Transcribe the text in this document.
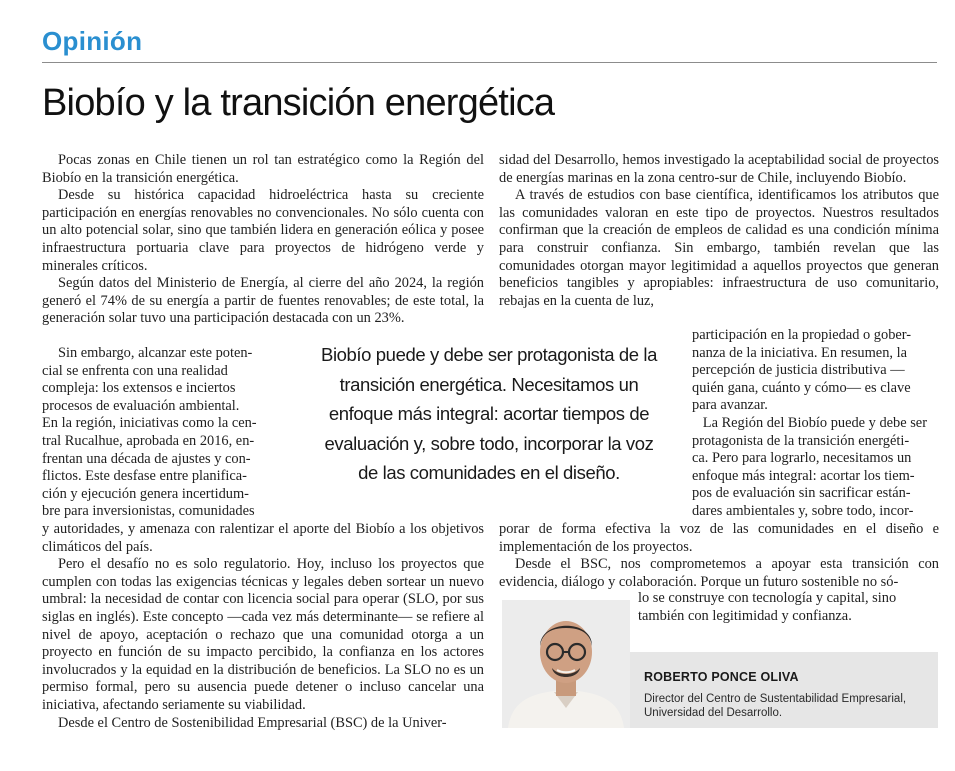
Opinión
Biobío y la transición energética

Pocas zonas en Chile tienen un rol tan estratégico como la Región del Biobío en la transición energética.

Desde su histórica capacidad hidroeléctrica hasta su creciente participación en energías renovables no convencionales. No sólo cuenta con un alto potencial solar, sino que también lidera en generación eólica y posee infraestructura portuaria clave para proyectos de hidrógeno verde y minerales críticos.

Según datos del Ministerio de Energía, al cierre del año 2024, la región generó el 74% de su energía a partir de fuentes renovables; de este total, la generación solar tuvo una participación destacada con un 23%.

Sin embargo, alcanzar este poten-
cial se enfrenta con una realidad
compleja: los extensos e inciertos
procesos de evaluación ambiental.
En la región, iniciativas como la cen-
tral Rucalhue, aprobada en 2016, en-
frentan una década de ajustes y con-
flictos. Este desfase entre planifica-
ción y ejecución genera incertidum-
bre para inversionistas, comunidades

y autoridades, y amenaza con ralentizar el aporte del Biobío a los objetivos climáticos del país.

Pero el desafío no es solo regulatorio. Hoy, incluso los proyectos que cumplen con todas las exigencias técnicas y legales deben sortear un nuevo umbral: la necesidad de contar con licencia social para operar (SLO, por sus siglas en inglés). Este concepto —cada vez más determinante— se refiere al nivel de apoyo, aceptación o rechazo que una comunidad otorga a un proyecto en función de su impacto percibido, la confianza en los actores involucrados y la equidad en la distribución de beneficios. La SLO no es un permiso formal, pero su ausencia puede detener o incluso cancelar una iniciativa, afectando seriamente su viabilidad.

Desde el Centro de Sostenibilidad Empresarial (BSC) de la Univer-

sidad del Desarrollo, hemos investigado la aceptabilidad social de proyectos de energías marinas en la zona centro-sur de Chile, incluyendo Biobío.

A través de estudios con base científica, identificamos los atributos que las comunidades valoran en este tipo de proyectos. Nuestros resultados confirman que la creación de empleos de calidad es una condición mínima para construir confianza. Sin embargo, también revelan que las comunidades otorgan mayor legitimidad a aquellos proyectos que generan beneficios tangibles y apropiables: infraestructura de uso comunitario, rebajas en la cuenta de luz,

participación en la propiedad o gober-
nanza de la iniciativa. En resumen, la
percepción de justicia distributiva —
quién gana, cuánto y cómo— es clave
para avanzar.
La Región del Biobío puede y debe ser
protagonista de la transición energéti-
ca. Pero para lograrlo, necesitamos un
enfoque más integral: acortar los tiem-
pos de evaluación sin sacrificar están-
dares ambientales y, sobre todo, incor-

porar de forma efectiva la voz de las comunidades en el diseño e implementación de los proyectos.

Desde el BSC, nos comprometemos a apoyar esta transición con evidencia, diálogo y colaboración. Porque un futuro sostenible no só-

lo se construye con tecnología y capital, sino
también con legitimidad y confianza.
Biobío puede y debe ser protagonista de la
transición energética. Necesitamos un
enfoque más integral: acortar tiempos de
evaluación y, sobre todo, incorporar la voz
de las comunidades en el diseño.
ROBERTO PONCE OLIVA
Director del Centro de Sustentabilidad Empresarial,
Universidad del Desarrollo.
